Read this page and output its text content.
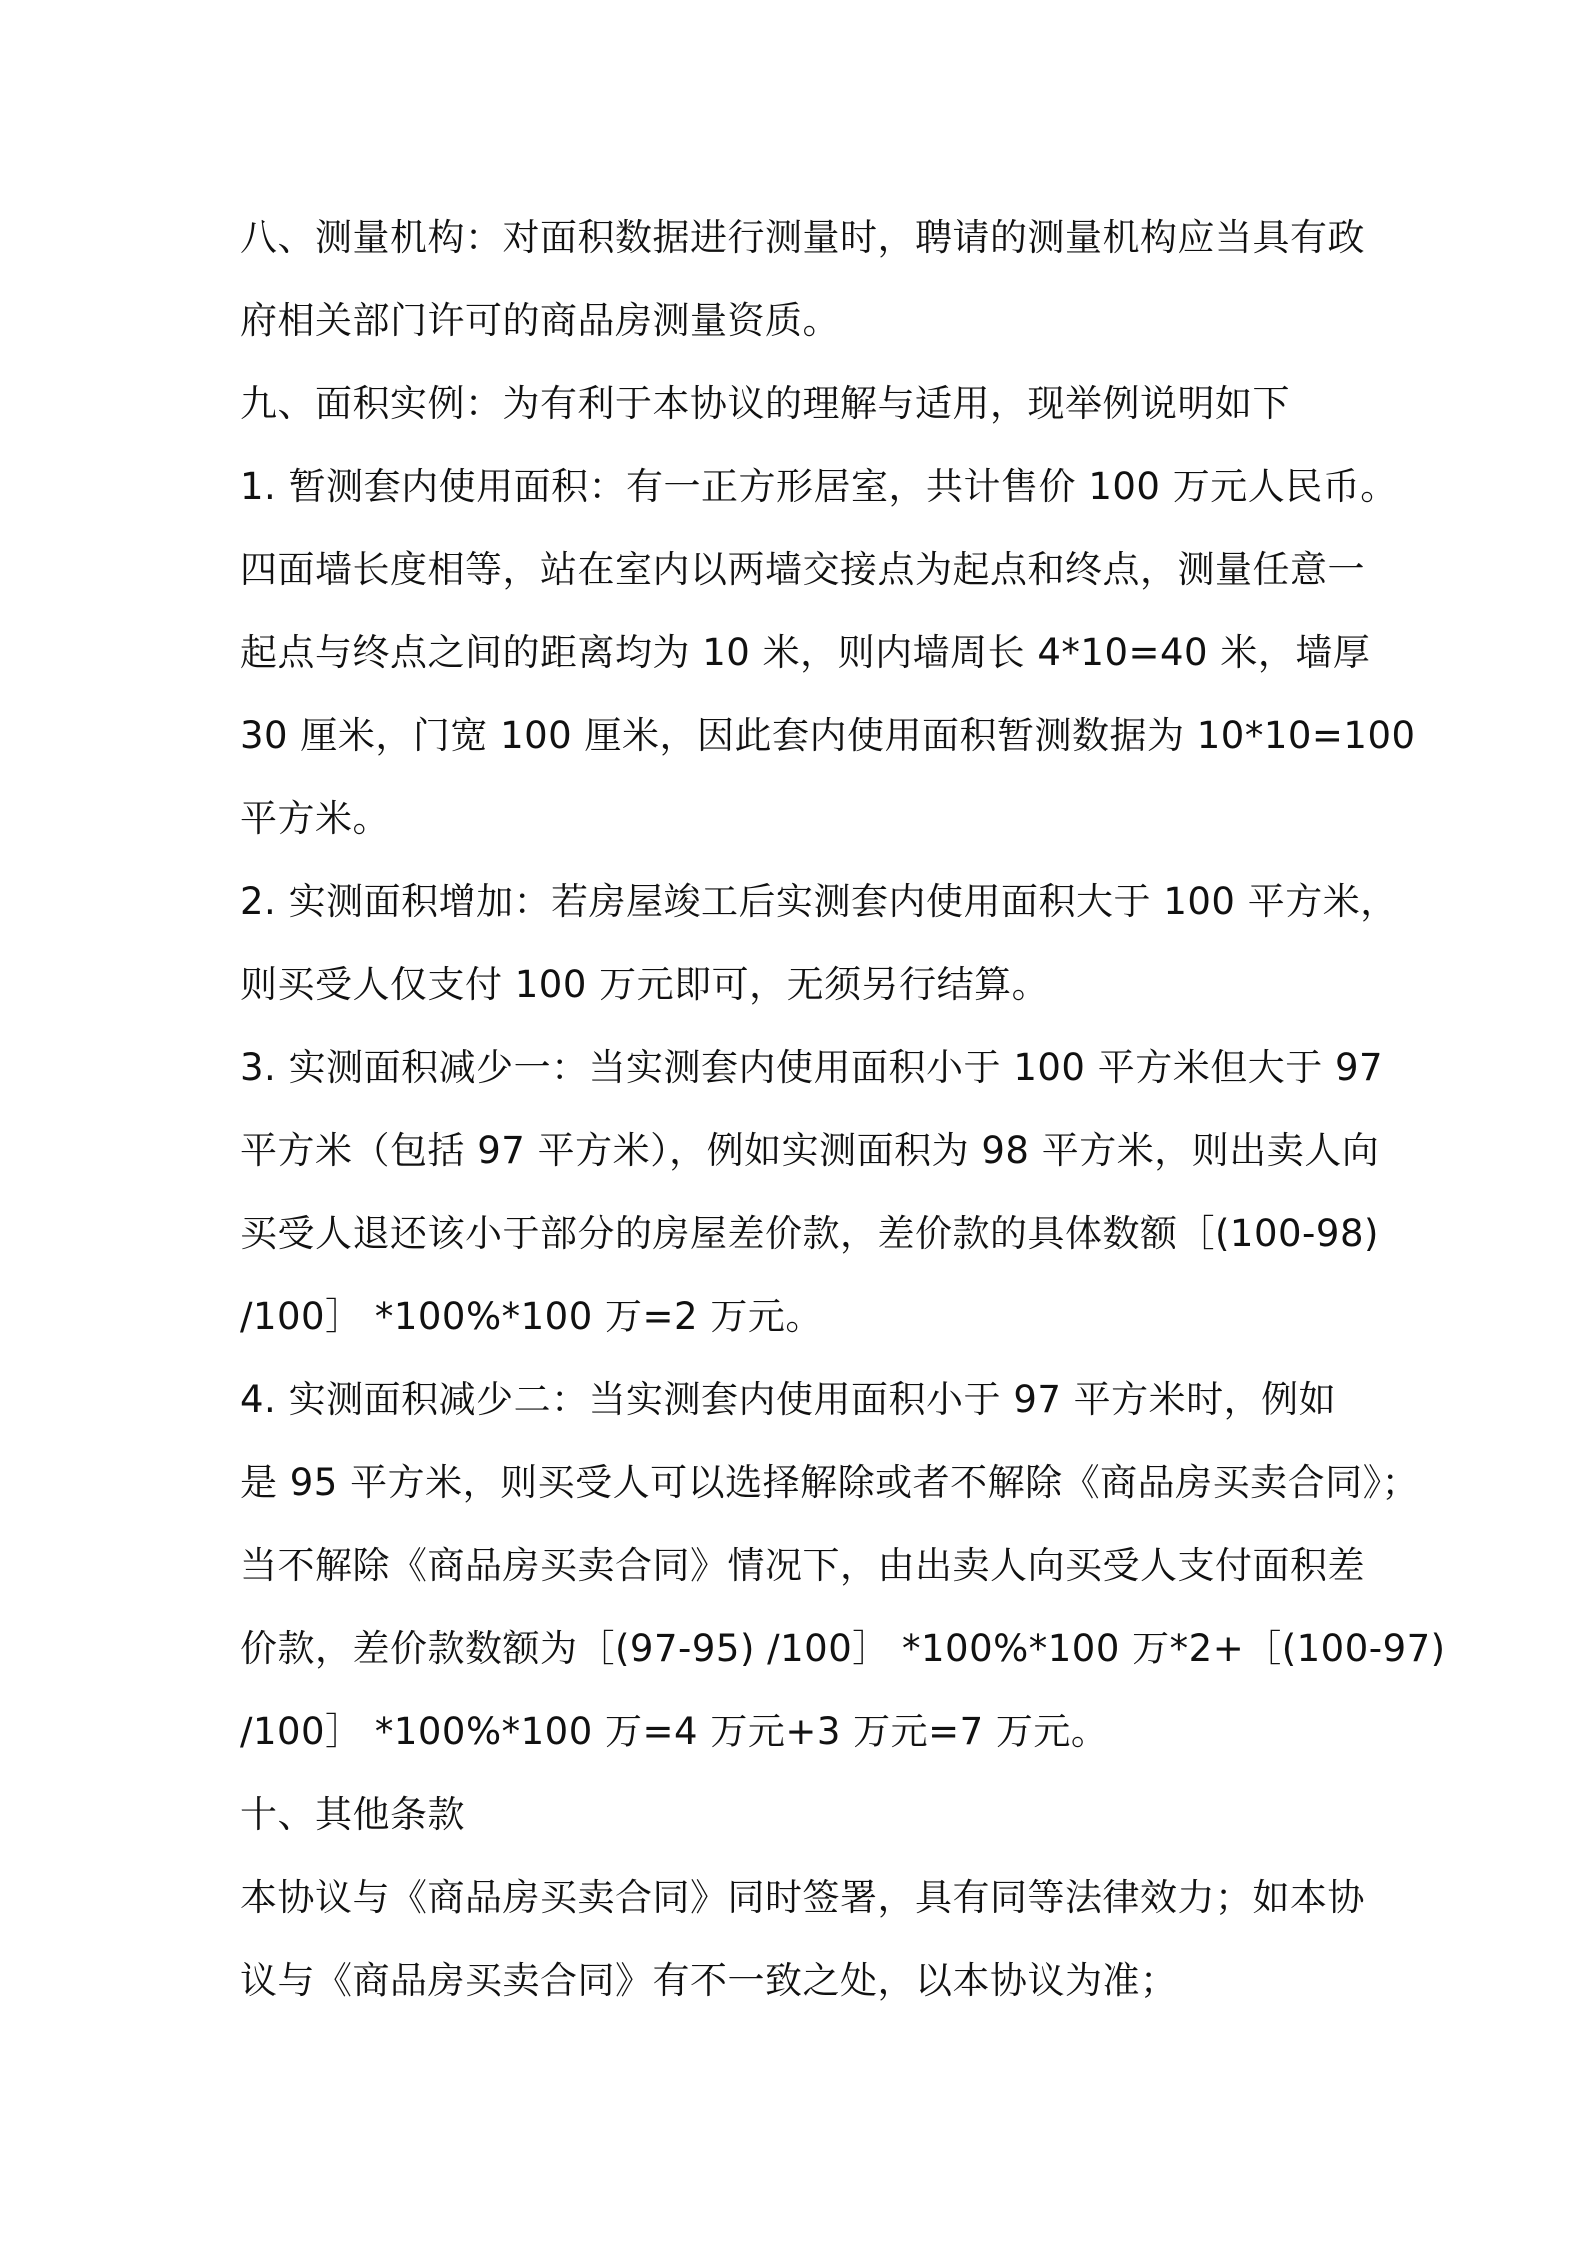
八、测量机构：对面积数据进行测量时，聘请的测量机构应当具有政
府相关部门许可的商品房测量资质。
九、面积实例：为有利于本协议的理解与适用，现举例说明如下
1. 暂测套内使用面积：有一正方形居室，共计售价 100 万元人民币。
四面墙长度相等，站在室内以两墙交接点为起点和终点，测量任意一
起点与终点之间的距离均为 10 米，则内墙周长 4*10=40 米，墙厚
30 厘米，门宽 100 厘米，因此套内使用面积暂测数据为 10*10=100
平方米。
2. 实测面积增加：若房屋竣工后实测套内使用面积大于 100 平方米，
则买受人仅支付 100 万元即可，无须另行结算。
3. 实测面积减少一：当实测套内使用面积小于 100 平方米但大于 97
平方米（包括 97 平方米），例如实测面积为 98 平方米，则出卖人向
买受人退还该小于部分的房屋差价款，差价款的具体数额［(100-98)
/100］ *100%*100 万=2 万元。
4. 实测面积减少二：当实测套内使用面积小于 97 平方米时，例如
是 95 平方米，则买受人可以选择解除或者不解除《商品房买卖合同》；
当不解除《商品房买卖合同》情况下，由出卖人向买受人支付面积差
价款，差价款数额为［(97-95) /100］ *100%*100 万*2+［(100-97)
/100］ *100%*100 万=4 万元+3 万元=7 万元。
十、其他条款
本协议与《商品房买卖合同》同时签署，具有同等法律效力；如本协
议与《商品房买卖合同》有不一致之处，以本协议为准；
